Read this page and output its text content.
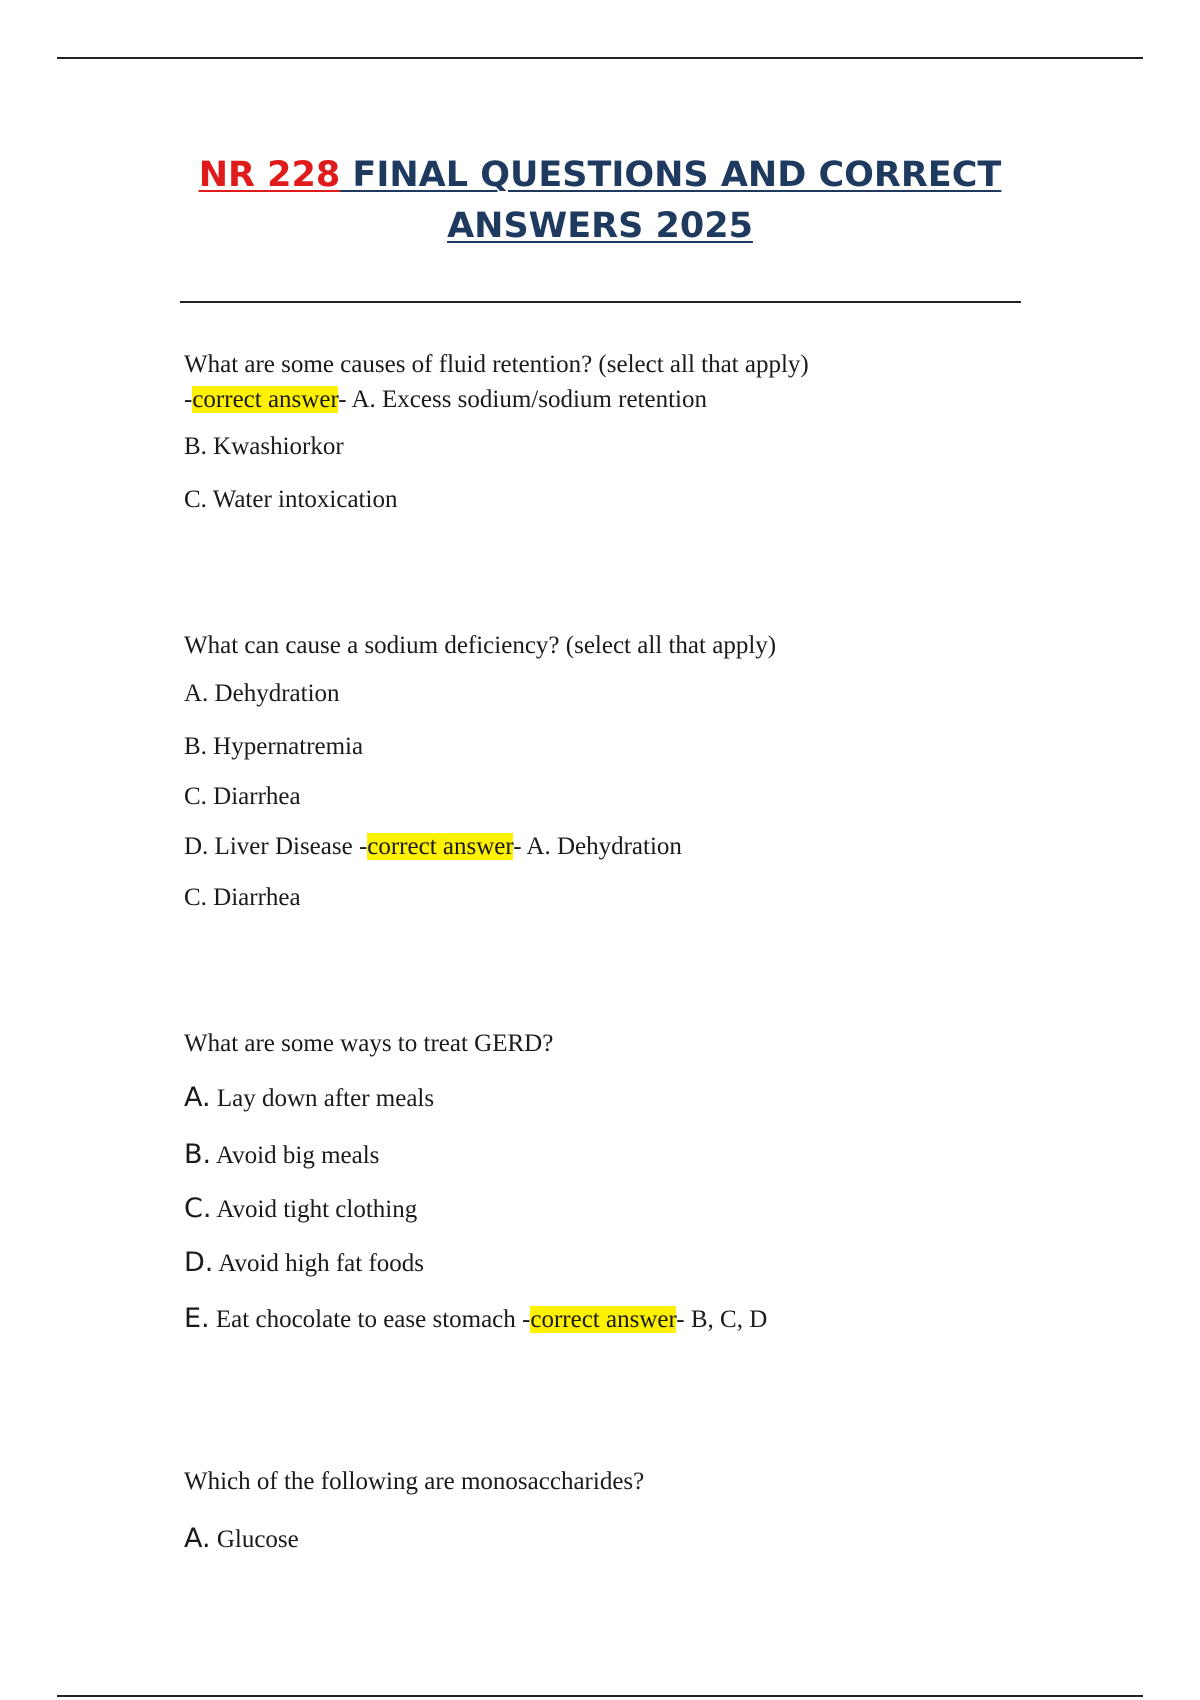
NR 228 FINAL QUESTIONS AND CORRECT
ANSWERS 2025

What are some causes of fluid retention? (select all that apply)

-correct answer- A. Excess sodium/sodium retention

B. Kwashiorkor

C. Water intoxication

What can cause a sodium deficiency? (select all that apply)

A. Dehydration

B. Hypernatremia

C. Diarrhea

D. Liver Disease -correct answer- A. Dehydration

C. Diarrhea

What are some ways to treat GERD?

A. Lay down after meals

B. Avoid big meals

C. Avoid tight clothing

D. Avoid high fat foods

E. Eat chocolate to ease stomach -correct answer- B, C, D

Which of the following are monosaccharides?

A. Glucose
